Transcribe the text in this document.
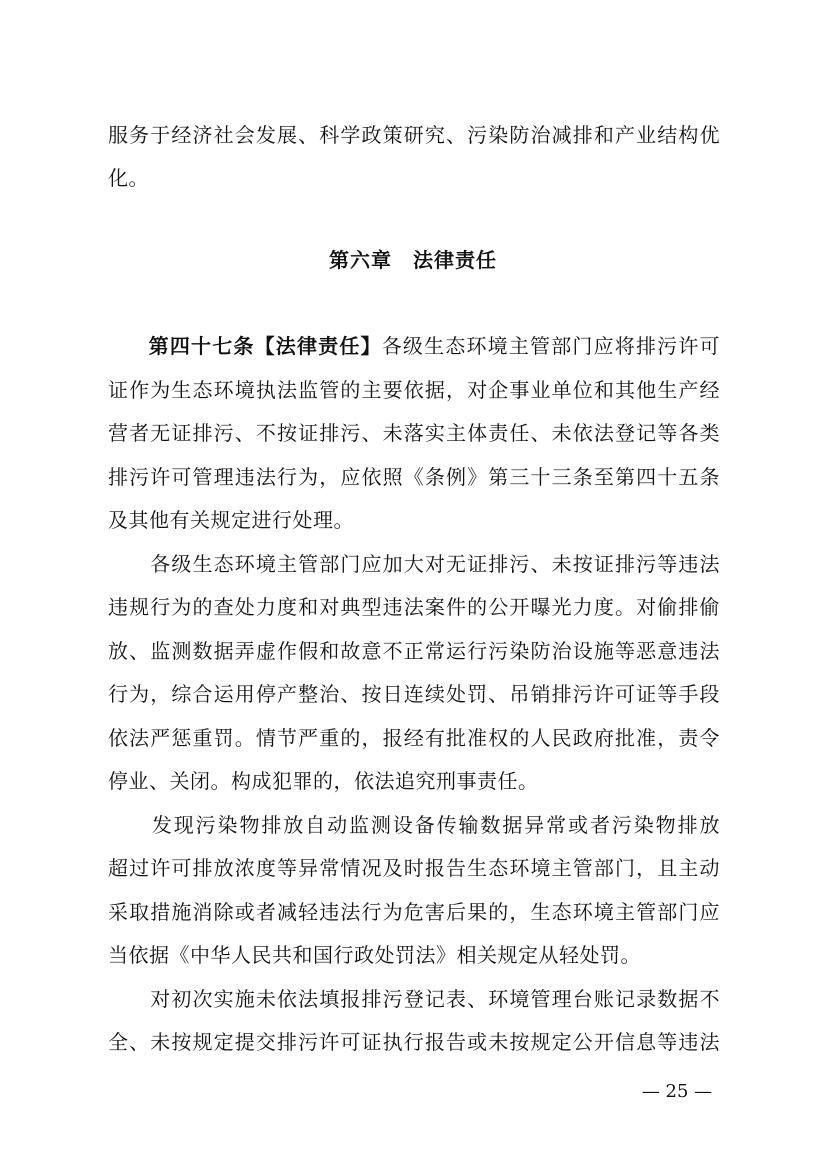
服务于经济社会发展、科学政策研究、污染防治减排和产业结构优
化。
第六章　法律责任
第四十七条【法律责任】各级生态环境主管部门应将排污许可
证作为生态环境执法监管的主要依据，对企事业单位和其他生产经
营者无证排污、不按证排污、未落实主体责任、未依法登记等各类
排污许可管理违法行为，应依照《条例》第三十三条至第四十五条
及其他有关规定进行处理。
　　各级生态环境主管部门应加大对无证排污、未按证排污等违法
违规行为的查处力度和对典型违法案件的公开曝光力度。对偷排偷
放、监测数据弄虚作假和故意不正常运行污染防治设施等恶意违法
行为，综合运用停产整治、按日连续处罚、吊销排污许可证等手段
依法严惩重罚。情节严重的，报经有批准权的人民政府批准，责令
停业、关闭。构成犯罪的，依法追究刑事责任。
　　发现污染物排放自动监测设备传输数据异常或者污染物排放
超过许可排放浓度等异常情况及时报告生态环境主管部门，且主动
采取措施消除或者减轻违法行为危害后果的，生态环境主管部门应
当依据《中华人民共和国行政处罚法》相关规定从轻处罚。
　　对初次实施未依法填报排污登记表、环境管理台账记录数据不
全、未按规定提交排污许可证执行报告或未按规定公开信息等违法
— 25 —
